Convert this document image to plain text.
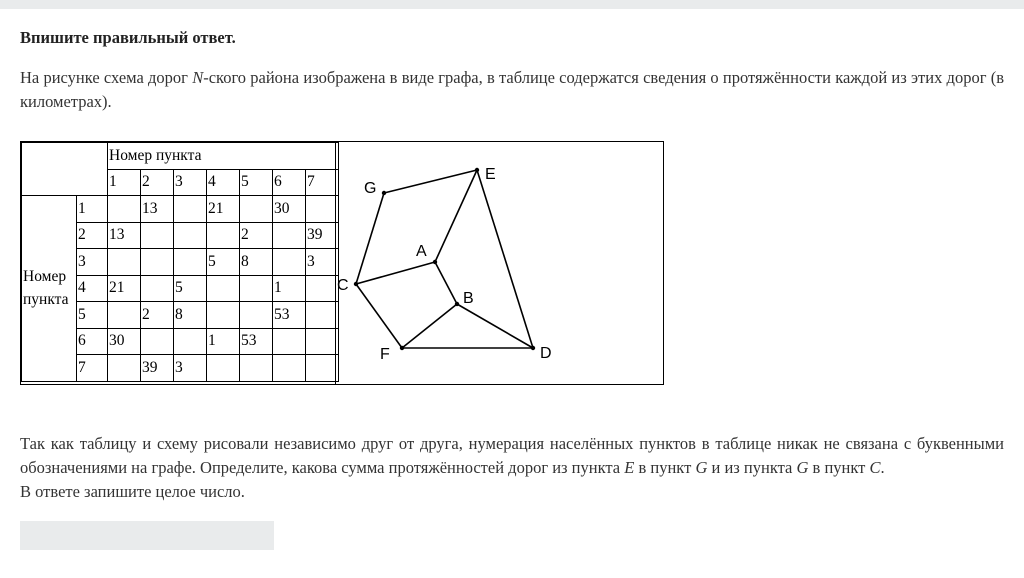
Впишите правильный ответ.

На рисунке схема дорог N-ского района изображена в виде графа, в таблице содержатся сведения о протяжённости каждой из этих дорог (в километрах).

Так как таблицу и схему рисовали независимо друг от друга, нумерация населённых пунктов в таблице никак не связана с буквенными обозначениями на графе. Определите, какова сумма протяжённостей дорог из пункта E в пункт G и из пункта G в пункт C.

В ответе запишите целое число.

		Номер пункта						
		1	2	3	4	5	6	7
Номер пункта	1		13		21		30	
	2	13				2		39
	3				5	8		3
	4	21		5			1	
	5		2	8			53	
	6	30			1	53		
	7		39	3				
G
E
A
C
B
F	D
